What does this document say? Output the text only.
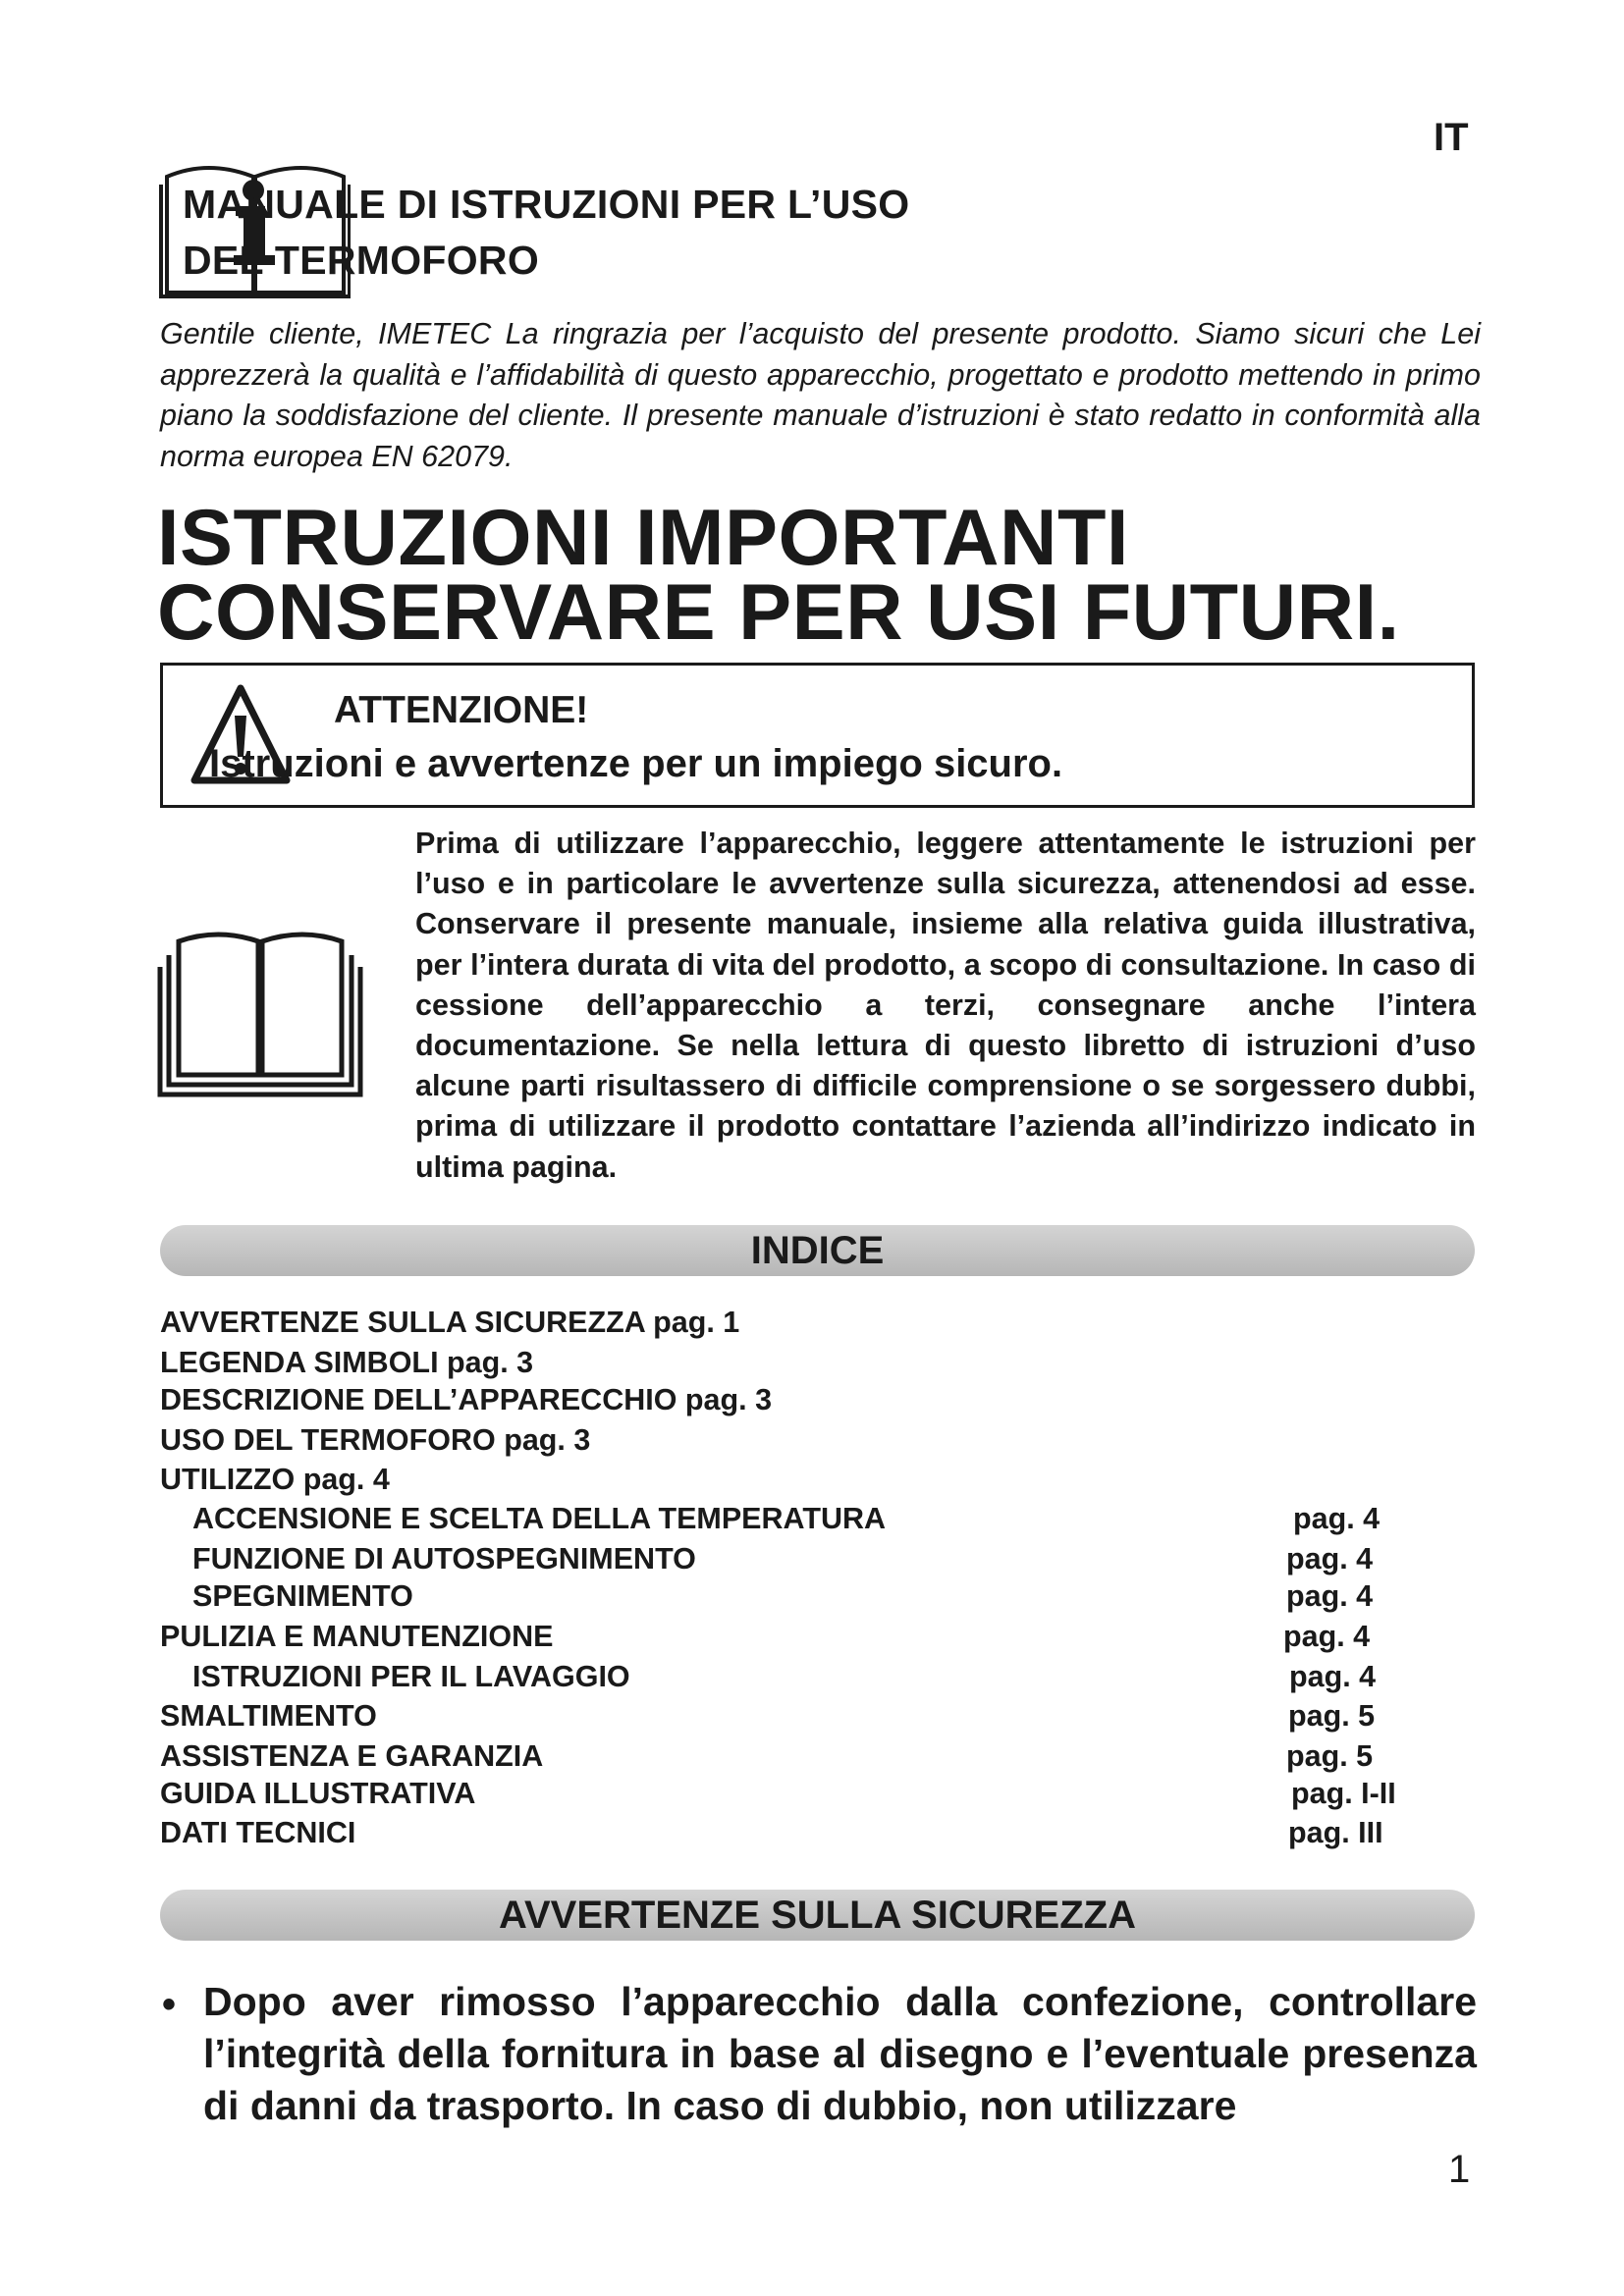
IT
MANUALE DI ISTRUZIONI PER L’USO
DEL TERMOFORO
Gentile cliente, IMETEC La ringrazia per l’acquisto del presente prodotto. Siamo sicuri che Lei apprezzerà la qualità e l’affidabilità di questo apparecchio, progettato e prodotto mettendo in primo piano la soddisfazione del cliente. Il presente manuale d’istruzioni è stato redatto in conformità alla norma europea EN 62079.
ISTRUZIONI IMPORTANTI
CONSERVARE PER USI FUTURI.
ATTENZIONE!
Istruzioni e avvertenze per un impiego sicuro.
Prima di utilizzare l’apparecchio, leggere attentamente le istruzioni per l’uso e in particolare le avvertenze sulla sicurezza, attenendosi ad esse. Conservare il presente manuale, insieme alla relativa guida illustrativa, per l’intera durata di vita del prodotto, a scopo di consultazione. In caso di cessione dell’apparecchio a terzi, consegnare anche l’intera documentazione. Se nella lettura di questo libretto di istruzioni d’uso alcune parti risultassero di difficile comprensione o se sorgessero dubbi, prima di utilizzare il prodotto contattare l’azienda all’indirizzo indicato in ultima pagina.
INDICE
AVVERTENZE SULLA SICUREZZA pag. 1
LEGENDA SIMBOLI pag. 3
DESCRIZIONE DELL’APPARECCHIO pag. 3
USO DEL TERMOFORO pag. 3
UTILIZZO pag. 4
ACCENSIONE E SCELTA DELLA TEMPERATURA	pag. 4
FUNZIONE DI AUTOSPEGNIMENTO	pag. 4
SPEGNIMENTO	pag. 4
PULIZIA E MANUTENZIONE	pag. 4
ISTRUZIONI PER IL LAVAGGIO	pag. 4
SMALTIMENTO	pag. 5
ASSISTENZA E GARANZIA	pag. 5
GUIDA ILLUSTRATIVA	pag. I-II
DATI TECNICI	pag. III
AVVERTENZE SULLA SICUREZZA
• Dopo aver rimosso l’apparecchio dalla confezione, controllare l’integrità della fornitura in base al disegno e l’eventuale presenza di danni da trasporto. In caso di dubbio, non utilizzare
1
